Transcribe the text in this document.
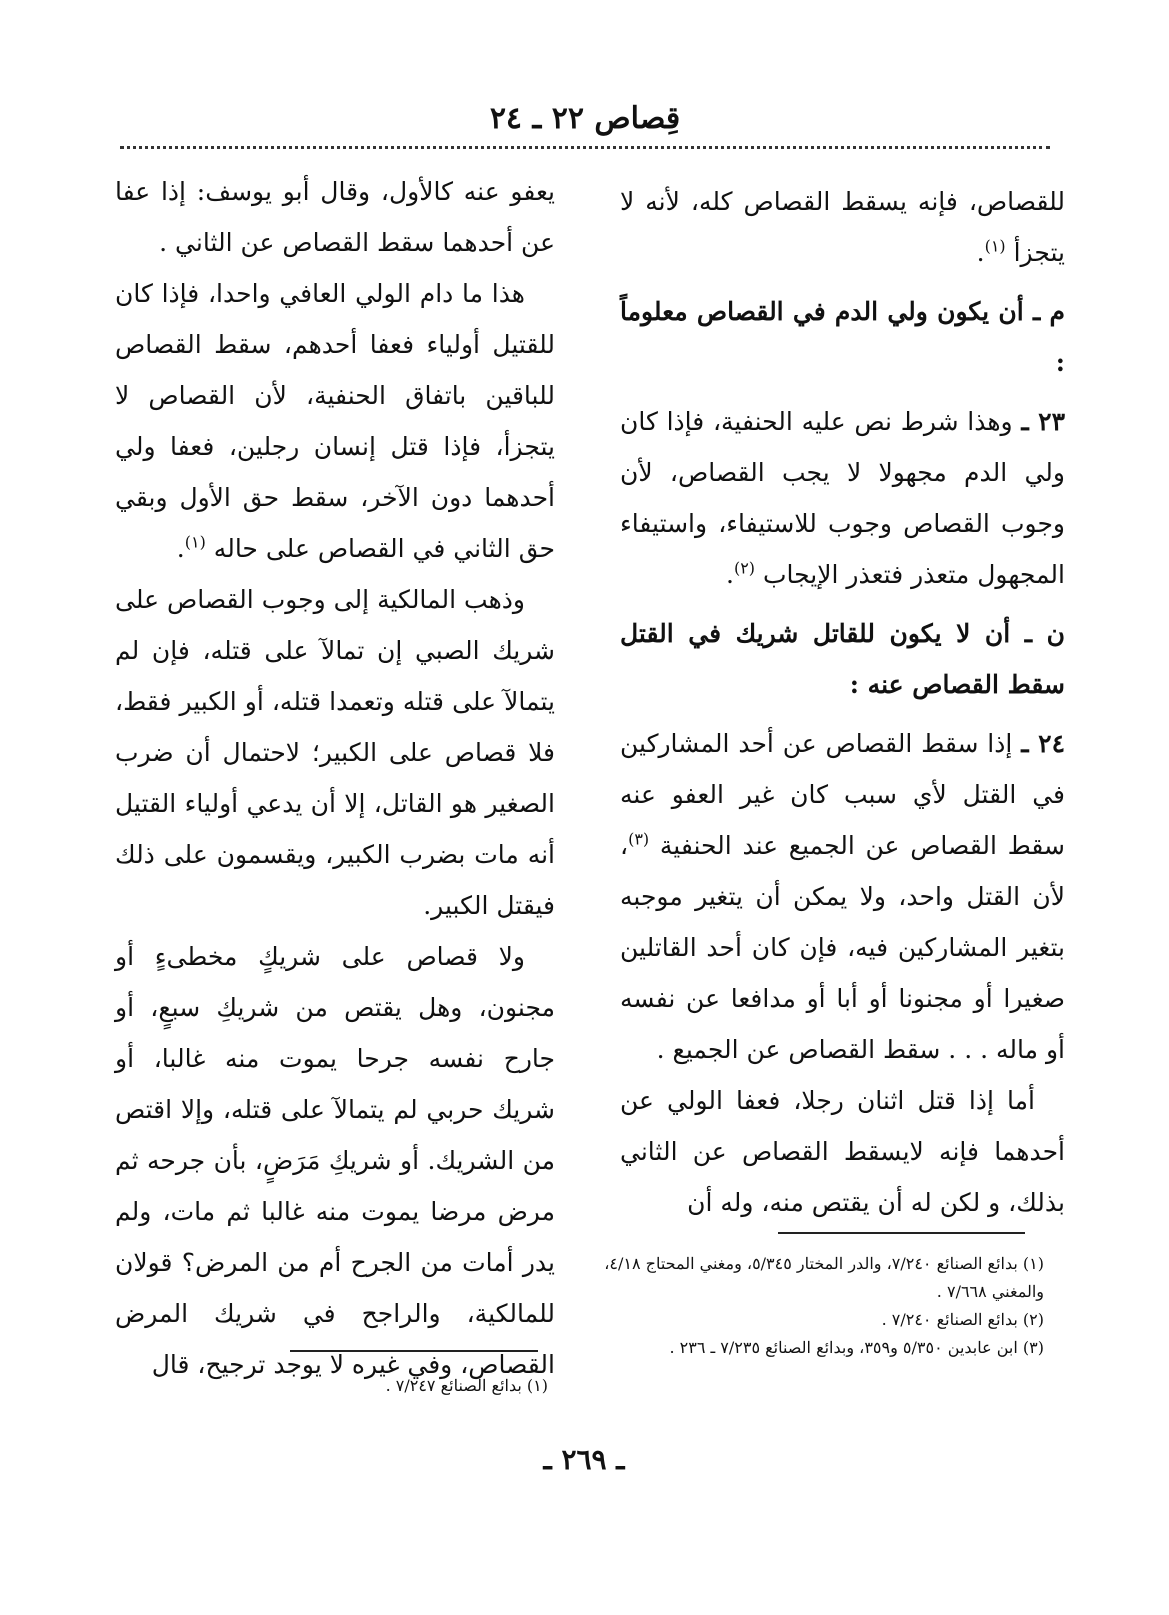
قِصاص ٢٢ ـ ٢٤

للقصاص، فإنه يسقط القصاص كله، لأنه لا يتجزأ $^{(١)}$.

م ـ أن يكون ولي الدم في القصاص معلوماً :

٢٣ ـ وهذا شرط نص عليه الحنفية، فإذا كان ولي الدم مجهولا لا يجب القصاص، لأن وجوب القصاص وجوب للاستيفاء، واستيفاء المجهول متعذر فتعذر الإيجاب $^{(٢)}$.

ن ـ أن لا يكون للقاتل شريك في القتل سقط القصاص عنه :

٢٤ ـ إذا سقط القصاص عن أحد المشاركين في القتل لأي سبب كان غير العفو عنه سقط القصاص عن الجميع عند الحنفية $^{(٣)}$، لأن القتل واحد، ولا يمكن أن يتغير موجبه بتغير المشاركين فيه، فإن كان أحد القاتلين صغيرا أو مجنونا أو أبا أو مدافعا عن نفسه أو ماله . . . سقط القصاص عن الجميع .

أما إذا قتل اثنان رجلا، فعفا الولي عن أحدهما فإنه لايسقط القصاص عن الثاني بذلك، و لكن له أن يقتص منه، وله أن

يعفو عنه كالأول، وقال أبو يوسف: إذا عفا عن أحدهما سقط القصاص عن الثاني .

هذا ما دام الولي العافي واحدا، فإذا كان للقتيل أولياء فعفا أحدهم، سقط القصاص للباقين باتفاق الحنفية، لأن القصاص لا يتجزأ، فإذا قتل إنسان رجلين، فعفا ولي أحدهما دون الآخر، سقط حق الأول وبقي حق الثاني في القصاص على حاله $^{(١)}$.

وذهب المالكية إلى وجوب القصاص على شريك الصبي إن تمالآ على قتله، فإن لم يتمالآ على قتله وتعمدا قتله، أو الكبير فقط، فلا قصاص على الكبير؛ لاحتمال أن ضرب الصغير هو القاتل، إلا أن يدعي أولياء القتيل أنه مات بضرب الكبير، ويقسمون على ذلك فيقتل الكبير.

ولا قصاص على شريكٍ مخطىءٍ أو مجنون، وهل يقتص من شريكِ سبعٍ، أو جارح نفسه جرحا يموت منه غالبا، أو شريك حربي لم يتمالآ على قتله، وإلا اقتص من الشريك. أو شريكِ مَرَضٍ، بأن جرحه ثم مرض مرضا يموت منه غالبا ثم مات، ولم يدر أمات من الجرح أم من المرض؟ قولان للمالكية، والراجح في شريك المرض القصاص، وفي غيره لا يوجد ترجيح، قال

(١) بدائع الصنائع ٧/٢٤٠، والدر المختار ٥/٣٤٥، ومغني المحتاج ٤/١٨، والمغني ٧/٦٦٨ .

(٢) بدائع الصنائع ٧/٢٤٠ .

(٣) ابن عابدين ٥/٣٥٠ و٣٥٩، وبدائع الصنائع ٧/٢٣٥ ـ ٢٣٦ .

(١) بدائع الصنائع ٧/٢٤٧ .

ـ ٢٦٩ ـ
